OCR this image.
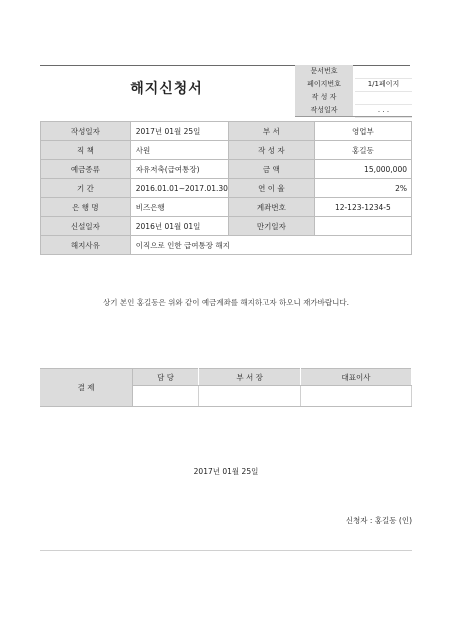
해지신청서
문서번호
페이지번호	1/1페이지
작 성 자
작성일자	. . .
작성일자	2017년 01월 25일	부 서	영업부
직 책	사원	작 성 자	홍길동
예금종류	자유저축(급여통장)	금 액	15,000,000
기 간	2016.01.01~2017.01.30	연 이 율	2%
은 행 명	비즈은행	계좌번호	12-123-1234-5
신설일자	2016년 01월 01일	만기일자	
해지사유	이직으로 인한 급여통장 해지		
상기 본인 홍길동은 위와 같이 예금계좌를 해지하고자 하오니 재가바랍니다.
결 제	담 당	부 서 장	대표이사

2017년 01월 25일
신청자 : 홍길동 (인)
